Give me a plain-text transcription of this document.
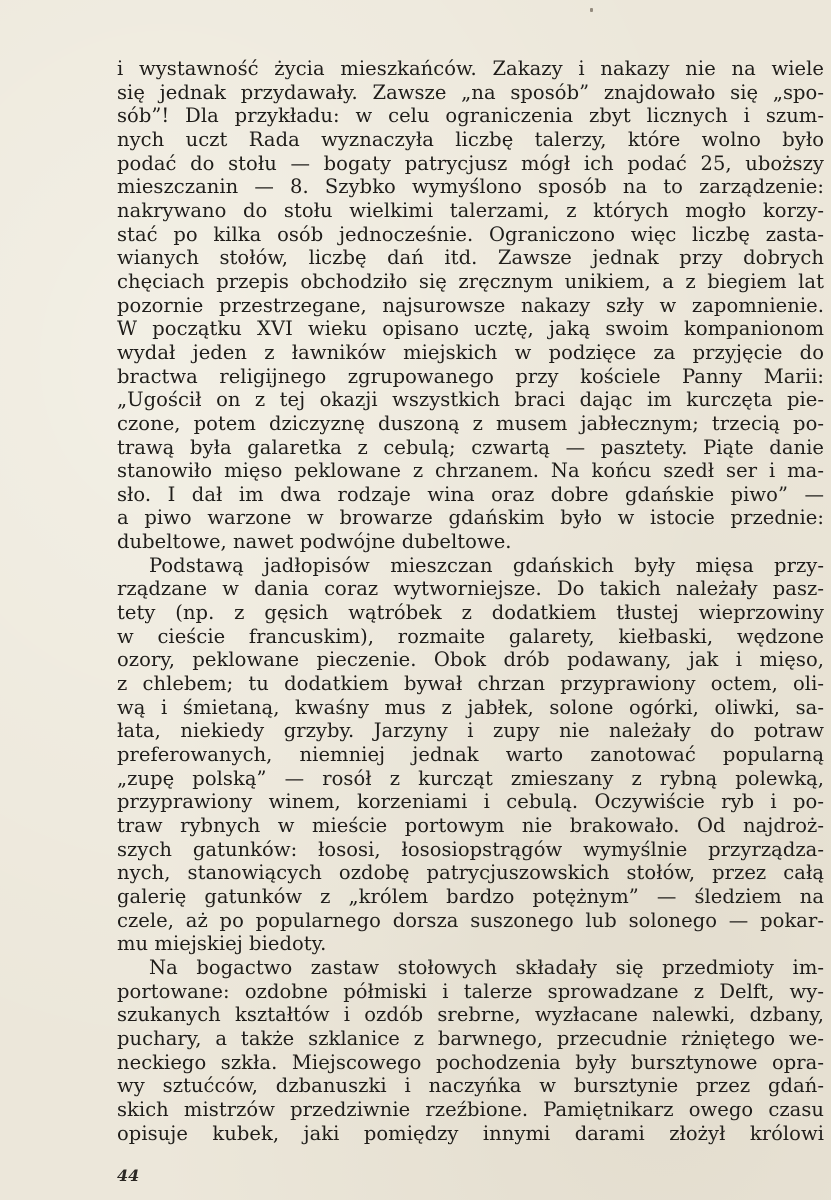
i wystawność życia mieszkańców. Zakazy i nakazy nie na wiele
się jednak przydawały. Zawsze „na sposób” znajdowało się „spo-
sób”! Dla przykładu: w celu ograniczenia zbyt licznych i szum-
nych uczt Rada wyznaczyła liczbę talerzy, które wolno było
podać do stołu — bogaty patrycjusz mógł ich podać 25, uboższy
mieszczanin — 8. Szybko wymyślono sposób na to zarządzenie:
nakrywano do stołu wielkimi talerzami, z których mogło korzy-
stać po kilka osób jednocześnie. Ograniczono więc liczbę zasta-
wianych stołów, liczbę dań itd. Zawsze jednak przy dobrych
chęciach przepis obchodziło się zręcznym unikiem, a z biegiem lat
pozornie przestrzegane, najsurowsze nakazy szły w zapomnienie.
W początku XVI wieku opisano ucztę, jaką swoim kompanionom
wydał jeden z ławników miejskich w podzięce za przyjęcie do
bractwa religijnego zgrupowanego przy kościele Panny Marii:
„Ugościł on z tej okazji wszystkich braci dając im kurczęta pie-
czone, potem dziczyznę duszoną z musem jabłecznym; trzecią po-
trawą była galaretka z cebulą; czwartą — pasztety. Piąte danie
stanowiło mięso peklowane z chrzanem. Na końcu szedł ser i ma-
sło. I dał im dwa rodzaje wina oraz dobre gdańskie piwo” —
a piwo warzone w browarze gdańskim było w istocie przednie:
dubeltowe, nawet podwójne dubeltowe.

Podstawą jadłopisów mieszczan gdańskich były mięsa przy-
rządzane w dania coraz wytworniejsze. Do takich należały pasz-
tety (np. z gęsich wątróbek z dodatkiem tłustej wieprzowiny
w cieście francuskim), rozmaite galarety, kiełbaski, wędzone
ozory, peklowane pieczenie. Obok drób podawany, jak i mięso,
z chlebem; tu dodatkiem bywał chrzan przyprawiony octem, oli-
wą i śmietaną, kwaśny mus z jabłek, solone ogórki, oliwki, sa-
łata, niekiedy grzyby. Jarzyny i zupy nie należały do potraw
preferowanych, niemniej jednak warto zanotować popularną
„zupę polską” — rosół z kurcząt zmieszany z rybną polewką,
przyprawiony winem, korzeniami i cebulą. Oczywiście ryb i po-
traw rybnych w mieście portowym nie brakowało. Od najdroż-
szych gatunków: łososi, łososiopstrągów wymyślnie przyrządza-
nych, stanowiących ozdobę patrycjuszowskich stołów, przez całą
galerię gatunków z „królem bardzo potężnym” — śledziem na
czele, aż po popularnego dorsza suszonego lub solonego — pokar-
mu miejskiej biedoty.

Na bogactwo zastaw stołowych składały się przedmioty im-
portowane: ozdobne półmiski i talerze sprowadzane z Delft, wy-
szukanych kształtów i ozdób srebrne, wyzłacane nalewki, dzbany,
puchary, a także szklanice z barwnego, przecudnie rżniętego we-
neckiego szkła. Miejscowego pochodzenia były bursztynowe opra-
wy sztućców, dzbanuszki i naczyńka w bursztynie przez gdań-
skich mistrzów przedziwnie rzeźbione. Pamiętnikarz owego czasu
opisuje kubek, jaki pomiędzy innymi darami złożył królowi

44
